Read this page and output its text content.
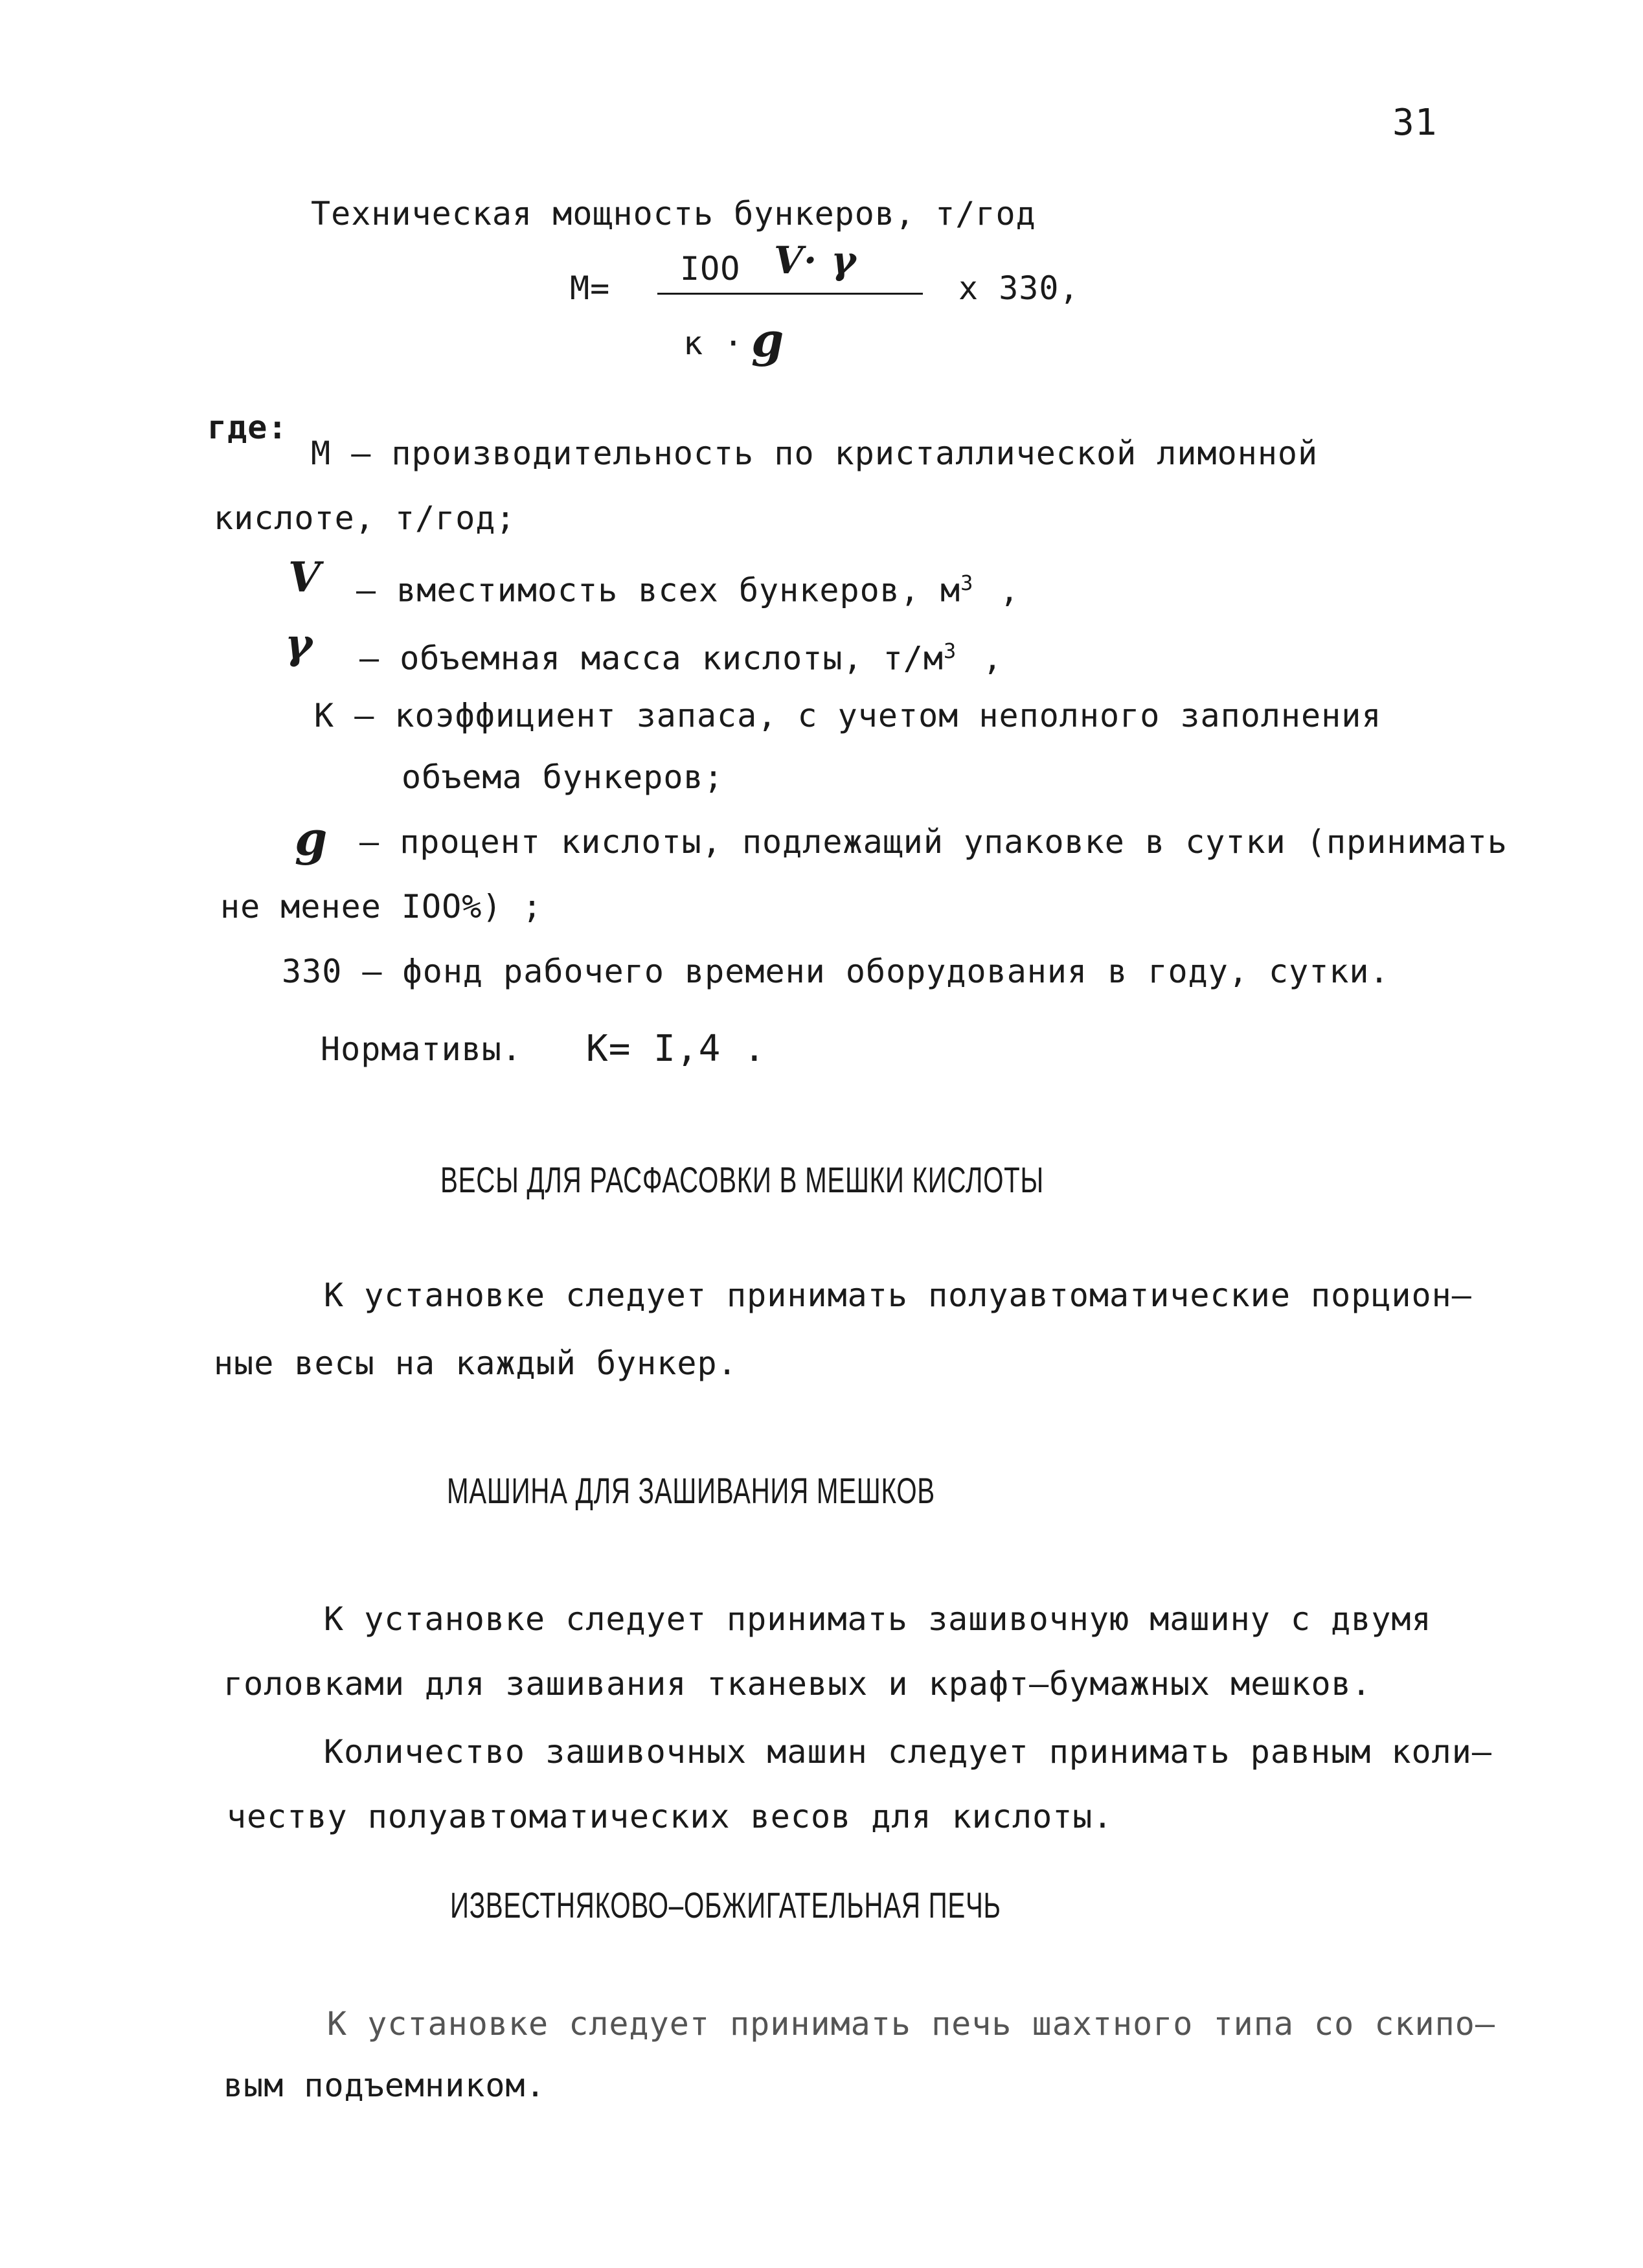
31
Техническая мощность бункеров, т/год
М=
IOO V· γ
х 330,
к · g
где:
М – производительность по кристаллической лимонной
кислоте, т/год;
V – вместимость всех бункеров, $м^3$ ,
γ – объемная масса кислоты, $т/м^3$ ,
К – коэффициент запаса, с учетом неполного заполнения
объема бункеров;
g – процент кислоты, подлежащий упаковке в сутки (принимать
не менее IOO%) ;
330 – фонд рабочего времени оборудования в году, сутки.
Нормативы. К= I,4 .
ВЕСЫ ДЛЯ РАСФАСОВКИ В МЕШКИ КИСЛОТЫ
К установке следует принимать полуавтоматические порцион–
ные весы на каждый бункер.
МАШИНА ДЛЯ ЗАШИВАНИЯ МЕШКОВ
К установке следует принимать зашивочную машину с двумя
головками для зашивания тканевых и крафт–бумажных мешков.
Количество зашивочных машин следует принимать равным коли–
честву полуавтоматических весов для кислоты.
ИЗВЕСТНЯКОВО–ОБЖИГАТЕЛЬНАЯ ПЕЧЬ
К установке следует принимать печь шахтного типа со скипо–
вым подъемником.
